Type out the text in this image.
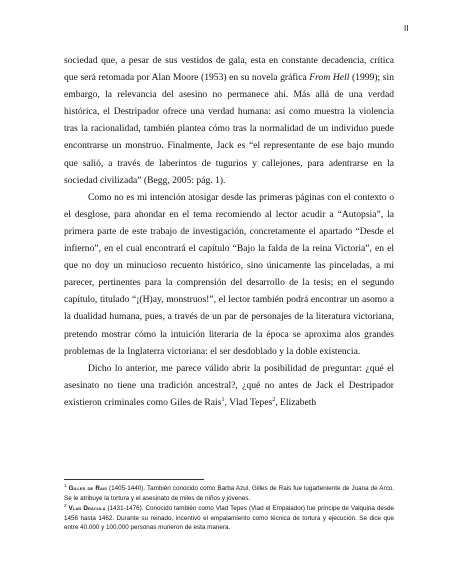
II

sociedad que, a pesar de sus vestidos de gala, esta en constante decadencia, crítica que será retomada por Alan Moore (1953) en su novela gráfica From Hell (1999); sin embargo, la relevancia del asesino no permanece ahí. Más allá de una verdad histórica, el Destripador ofrece una verdad humana: así como muestra la violencia tras la racionalidad, también plantea cómo tras la normalidad de un individuo puede encontrarse un monstruo. Finalmente, Jack es “el representante de ese bajo mundo que salió, a través de laberintos de tugurios y callejones, para adentrarse en la sociedad civilizada” (Begg, 2005: pág. 1).

Como no es mi intención atosigar desde las primeras páginas con el contexto o el desglose, para ahondar en el tema recomiendo al lector acudir a “Autopsia”, la primera parte de este trabajo de investigación, concretamente el apartado “Desde el infierno”, en el cual encontrará el capítulo “Bajo la falda de la reina Victoria”, en el que no doy un minucioso recuento histórico, sino únicamente las pinceladas, a mi parecer, pertinentes para la comprensión del desarrollo de la tesis; en el segundo capítulo, titulado “¡(H)ay, monstruos!”, el lector también podrá encontrar un asomo a la dualidad humana, pues, a través de un par de personajes de la literatura victoriana, pretendo mostrar cómo la intuición literaria de la época se aproxima alos grandes problemas de la Inglaterra victoriana: el ser desdoblado y la doble existencia.

Dicho lo anterior, me parece válido abrir la posibilidad de preguntar: ¿qué el asesinato no tiene una tradición ancestral?, ¿qué no antes de Jack el Destripador existieron criminales como Giles de Rais$^1$, Vlad Tepes$^2$, Elizabeth

$^1$ Gilles de Rais (1405-1440). También conocido como Barba Azul, Gilles de Rais fue lugarteniente de Juana de Arco. Se le atribuye la tortura y el asesinato de miles de niños y jóvenes.

$^2$ Vlad Drácula (1431-1476). Conocido también como Vlad Tepes (Vlad el Empalador) fue príncipe de Valquiria desde 1456 hasta 1462. Durante su reinado, incentivó el empalamiento como técnica de tortura y ejecución. Se dice que entre 40.000 y 100.000 personas murieron de esta manera.
